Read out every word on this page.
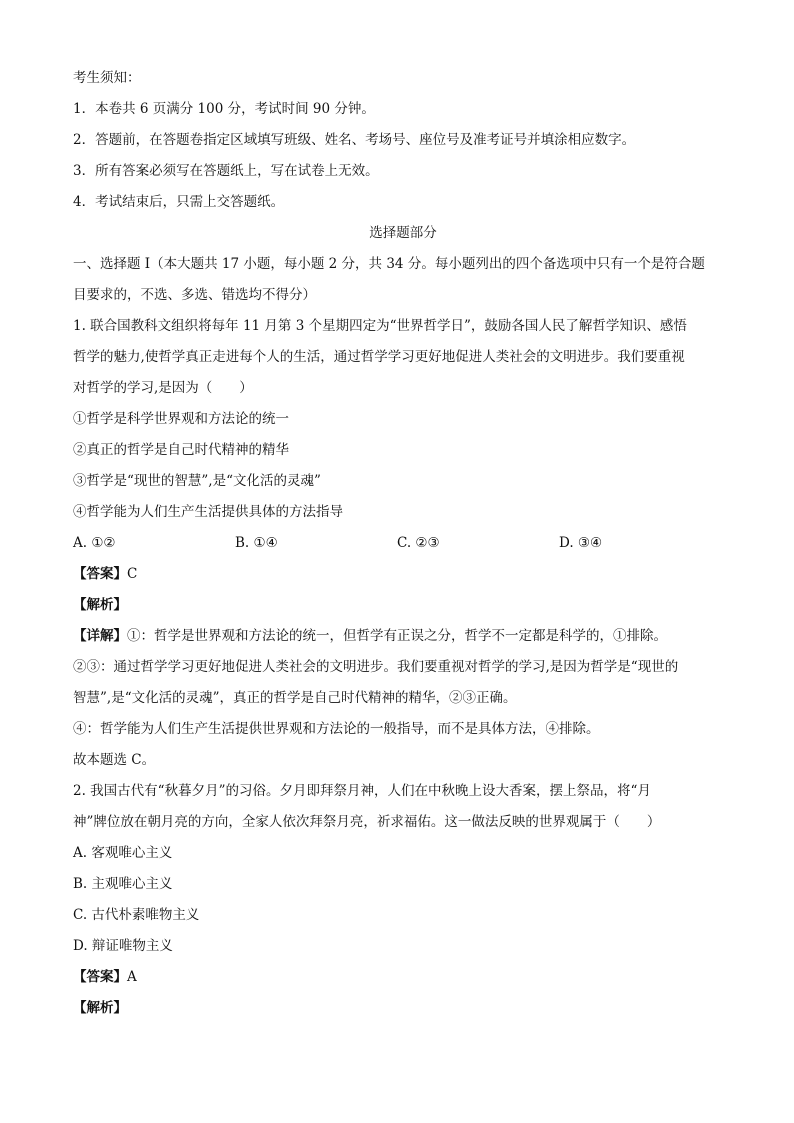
考生须知：
1．本卷共 6 页满分 100 分，考试时间 90 分钟。
2．答题前，在答题卷指定区域填写班级、姓名、考场号、座位号及准考证号并填涂相应数字。
3．所有答案必须写在答题纸上，写在试卷上无效。
4．考试结束后，只需上交答题纸。
选择题部分
一、选择题 I（本大题共 17 小题，每小题 2 分，共 34 分。每小题列出的四个备选项中只有一个是符合题
目要求的，不选、多选、错选均不得分）
1. 联合国教科文组织将每年 11 月第 3 个星期四定为“世界哲学日”，鼓励各国人民了解哲学知识、感悟
哲学的魅力,使哲学真正走进每个人的生活，通过哲学学习更好地促进人类社会的文明进步。我们要重视
对哲学的学习,是因为（　　）
①哲学是科学世界观和方法论的统一
②真正的哲学是自己时代精神的精华
③哲学是“现世的智慧”,是“文化活的灵魂”
④哲学能为人们生产生活提供具体的方法指导
A. ①②	B. ①④	C. ②③	D. ③④
【答案】C
【解析】
【详解】①：哲学是世界观和方法论的统一，但哲学有正误之分，哲学不一定都是科学的，①排除。
②③：通过哲学学习更好地促进人类社会的文明进步。我们要重视对哲学的学习,是因为哲学是“现世的
智慧”,是“文化活的灵魂”，真正的哲学是自己时代精神的精华，②③正确。
④：哲学能为人们生产生活提供世界观和方法论的一般指导，而不是具体方法，④排除。
故本题选 C。
2. 我国古代有“秋暮夕月”的习俗。夕月即拜祭月神，人们在中秋晚上设大香案，摆上祭品，将“月
神”牌位放在朝月亮的方向，全家人依次拜祭月亮，祈求福佑。这一做法反映的世界观属于（　　）
A. 客观唯心主义
B. 主观唯心主义
C. 古代朴素唯物主义
D. 辩证唯物主义
【答案】A
【解析】
